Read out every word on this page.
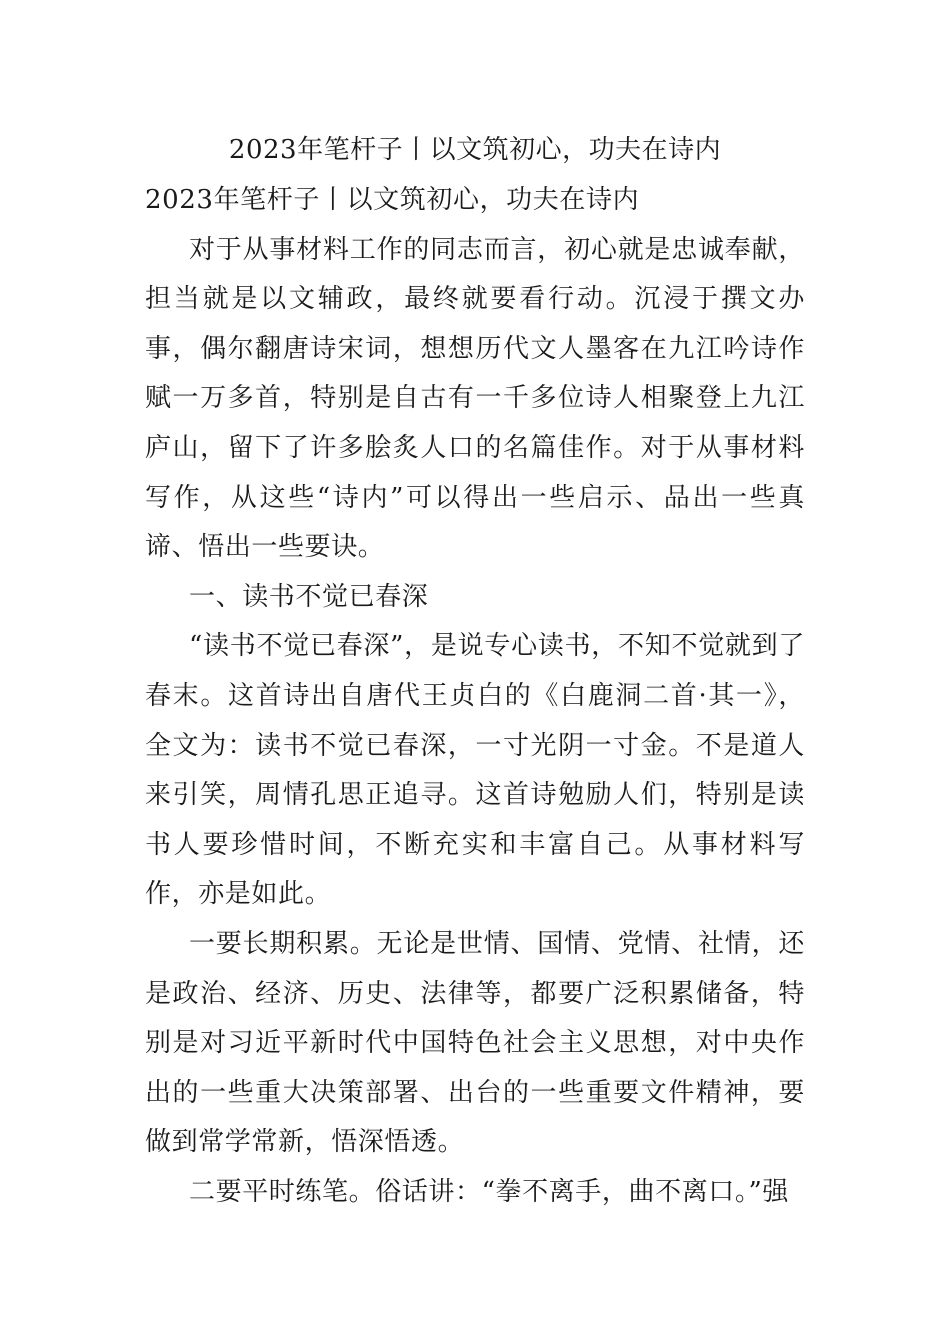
2023年笔杆子丨以文筑初心，功夫在诗内

2023年笔杆子丨以文筑初心，功夫在诗内

对于从事材料工作的同志而言，初心就是忠诚奉献，担当就是以文辅政，最终就要看行动。沉浸于撰文办事，偶尔翻唐诗宋词，想想历代文人墨客在九江吟诗作赋一万多首，特别是自古有一千多位诗人相聚登上九江庐山，留下了许多脍炙人口的名篇佳作。对于从事材料写作，从这些“诗内”可以得出一些启示、品出一些真谛、悟出一些要诀。

一、读书不觉已春深

“读书不觉已春深”，是说专心读书，不知不觉就到了春末。这首诗出自唐代王贞白的《白鹿洞二首·其一》，全文为：读书不觉已春深，一寸光阴一寸金。不是道人来引笑，周情孔思正追寻。这首诗勉励人们，特别是读书人要珍惜时间，不断充实和丰富自己。从事材料写作，亦是如此。

一要长期积累。无论是世情、国情、党情、社情，还是政治、经济、历史、法律等，都要广泛积累储备，特别是对习近平新时代中国特色社会主义思想，对中央作出的一些重大决策部署、出台的一些重要文件精神，要做到常学常新，悟深悟透。

二要平时练笔。俗话讲：“拳不离手，曲不离口。”强
